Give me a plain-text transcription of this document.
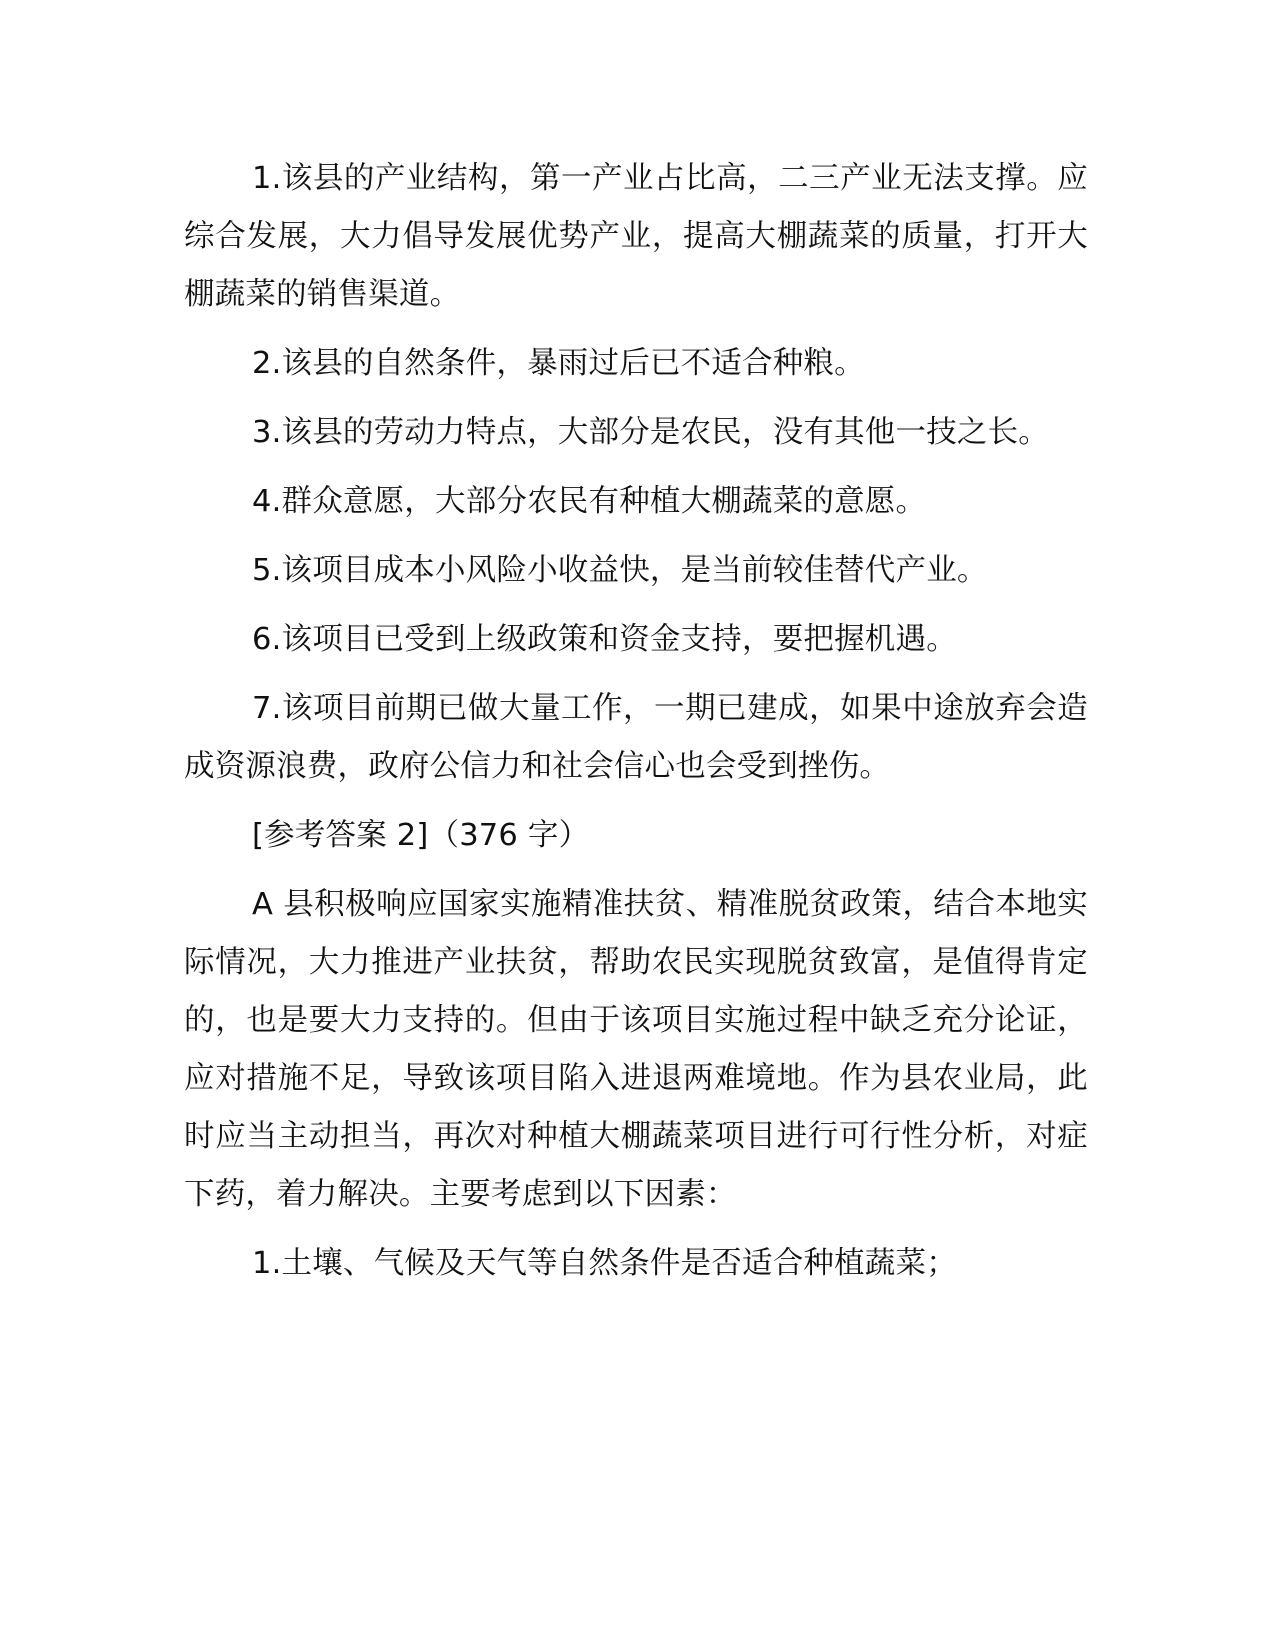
1.该县的产业结构，第一产业占比高，二三产业无法支撑。应综合发展，大力倡导发展优势产业，提高大棚蔬菜的质量，打开大棚蔬菜的销售渠道。

2.该县的自然条件，暴雨过后已不适合种粮。

3.该县的劳动力特点，大部分是农民，没有其他一技之长。

4.群众意愿，大部分农民有种植大棚蔬菜的意愿。

5.该项目成本小风险小收益快，是当前较佳替代产业。

6.该项目已受到上级政策和资金支持，要把握机遇。

7.该项目前期已做大量工作，一期已建成，如果中途放弃会造成资源浪费，政府公信力和社会信心也会受到挫伤。

[参考答案 2]（376 字）

A 县积极响应国家实施精准扶贫、精准脱贫政策，结合本地实际情况，大力推进产业扶贫，帮助农民实现脱贫致富，是值得肯定的，也是要大力支持的。但由于该项目实施过程中缺乏充分论证，应对措施不足，导致该项目陷入进退两难境地。作为县农业局，此时应当主动担当，再次对种植大棚蔬菜项目进行可行性分析，对症下药，着力解决。主要考虑到以下因素：

1.土壤、气候及天气等自然条件是否适合种植蔬菜；
